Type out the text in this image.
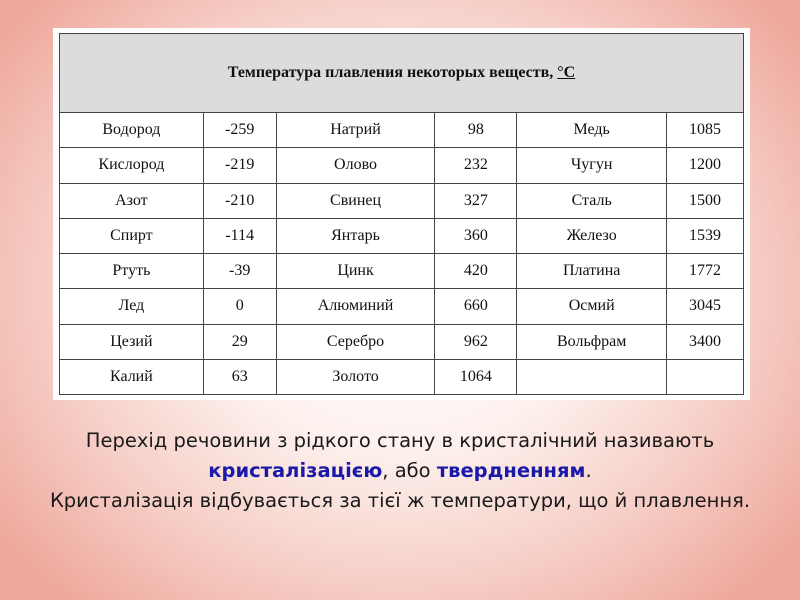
Температура плавления некоторых веществ, °C					
Водород	-259	Натрий	98	Медь	1085
Кислород	-219	Олово	232	Чугун	1200
Азот	-210	Свинец	327	Сталь	1500
Спирт	-114	Янтарь	360	Железо	1539
Ртуть	-39	Цинк	420	Платина	1772
Лед	0	Алюминий	660	Осмий	3045
Цезий	29	Серебро	962	Вольфрам	3400
Калий	63	Золото	1064		
Перехід речовини з рідкого стану в кристалічний називають
кристалізацією, або твердненням.
Кристалізація відбувається за тієї ж температури, що й плавлення.
